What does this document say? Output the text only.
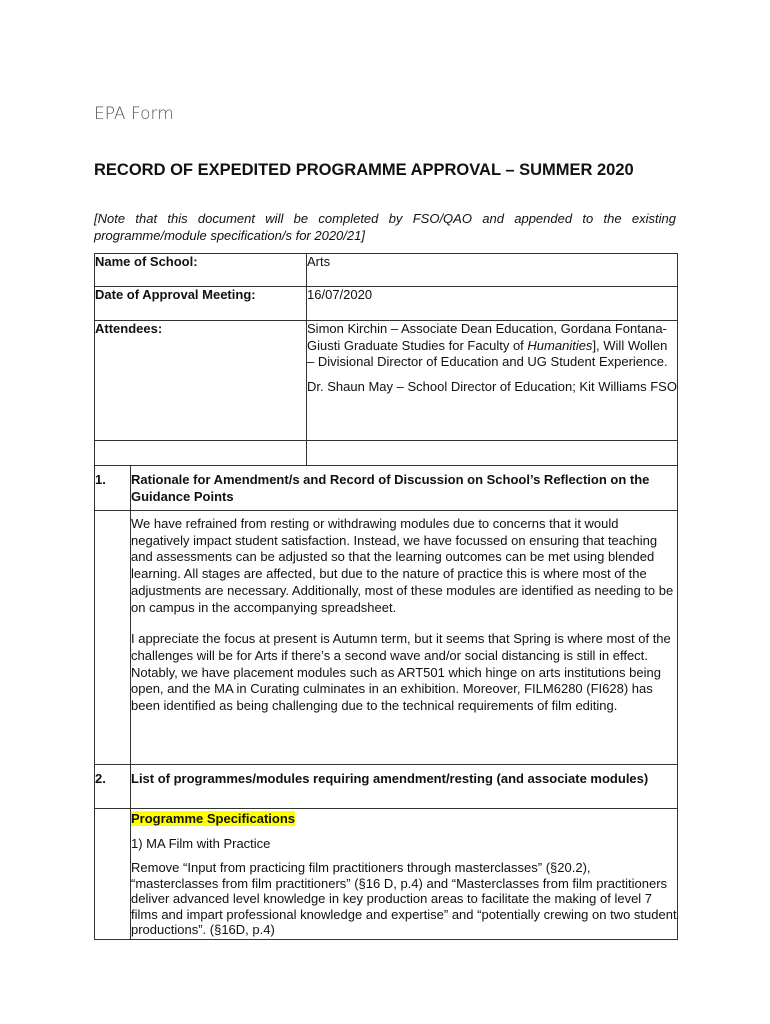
EPA Form
RECORD OF EXPEDITED PROGRAMME APPROVAL – SUMMER 2020
[Note that this document will be completed by FSO/QAO and appended to the existing programme/module specification/s for 2020/21]
Name of School:		Arts
Date of Approval Meeting:		16/07/2020
Attendees:		Simon Kirchin – Associate Dean Education, Gordana Fontana-Giusti Graduate Studies for Faculty of Humanities], Will Wollen – Divisional Director of Education and UG Student Experience.

Dr. Shaun May – School Director of Education; Kit Williams FSO

1.	Rationale for Amendment/s and Record of Discussion on School’s Reflection on the Guidance Points	

	We have refrained from resting or withdrawing modules due to concerns that it would negatively impact student satisfaction. Instead, we have focussed on ensuring that teaching and assessments can be adjusted so that the learning outcomes can be met using blended learning. All stages are affected, but due to the nature of practice this is where most of the adjustments are necessary. Additionally, most of these modules are identified as needing to be on campus in the accompanying spreadsheet.

I appreciate the focus at present is Autumn term, but it seems that Spring is where most of the challenges will be for Arts if there’s a second wave and/or social distancing is still in effect. Notably, we have placement modules such as ART501 which hinge on arts institutions being open, and the MA in Curating culminates in an exhibition. Moreover, FILM6280 (FI628) has been identified as being challenging due to the technical requirements of film editing.	

2.	List of programmes/modules requiring amendment/resting (and associate modules)	

	Programme Specifications

1) MA Film with Practice

Remove “Input from practicing film practitioners through masterclasses” (§20.2), “masterclasses from film practitioners” (§16 D, p.4) and “Masterclasses from film practitioners deliver advanced level knowledge in key production areas to facilitate the making of level 7 films and impart professional knowledge and expertise” and “potentially crewing on two student productions”. (§16D, p.4)	
